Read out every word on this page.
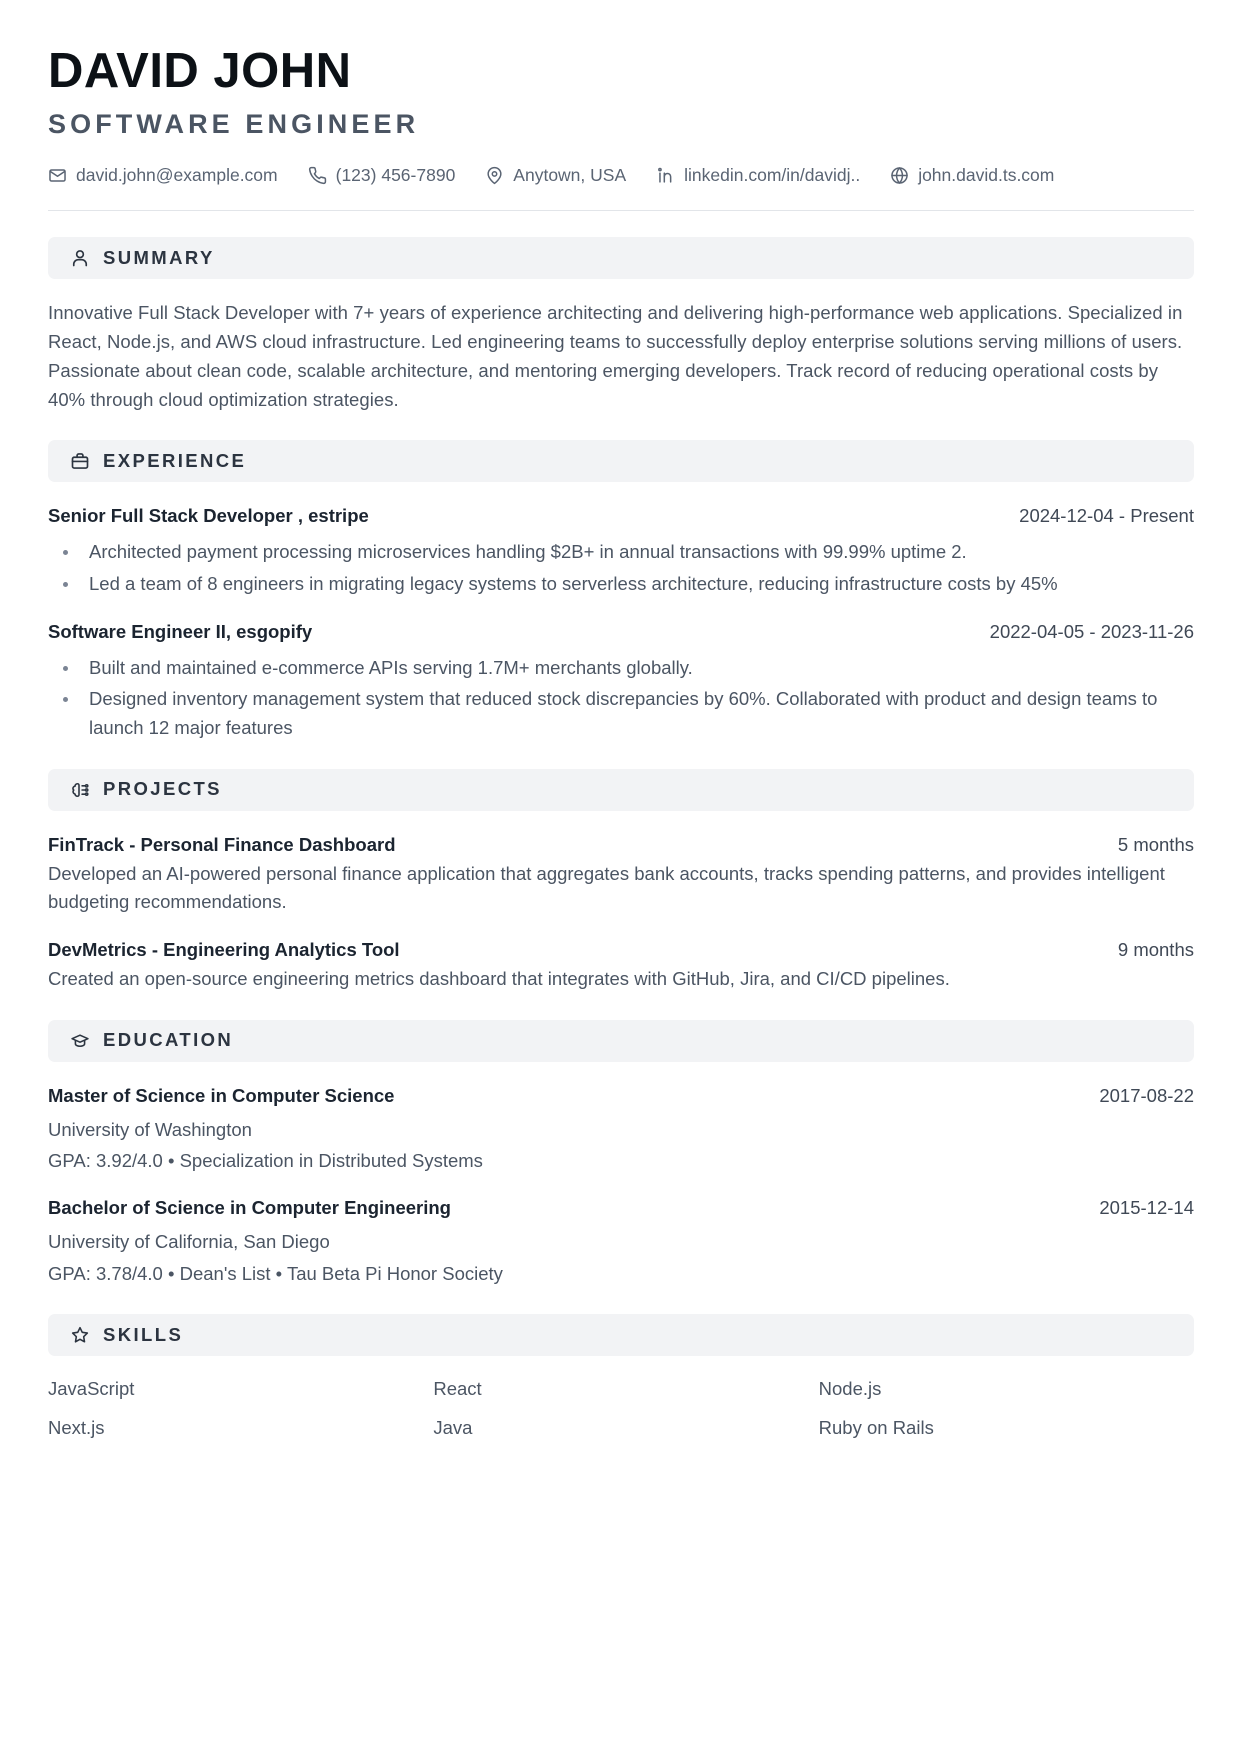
DAVID JOHN
SOFTWARE ENGINEER
david.john@example.com	(123) 456-7890	Anytown, USA	linkedin.com/in/davidj..	john.david.ts.com
SUMMARY

Innovative Full Stack Developer with 7+ years of experience architecting and delivering high-performance web applications. Specialized in React, Node.js, and AWS cloud infrastructure. Led engineering teams to successfully deploy enterprise solutions serving millions of users. Passionate about clean code, scalable architecture, and mentoring emerging developers. Track record of reducing operational costs by 40% through cloud optimization strategies.

EXPERIENCE
Senior Full Stack Developer , estripe	2024-12-04 - Present
Architected payment processing microservices handling $2B+ in annual transactions with 99.99% uptime 2.
Led a team of 8 engineers in migrating legacy systems to serverless architecture, reducing infrastructure costs by 45%
Software Engineer II, esgopify	2022-04-05 - 2023-11-26
Built and maintained e-commerce APIs serving 1.7M+ merchants globally.
Designed inventory management system that reduced stock discrepancies by 60%. Collaborated with product and design teams to launch 12 major features
PROJECTS
FinTrack - Personal Finance Dashboard	5 months

Developed an AI-powered personal finance application that aggregates bank accounts, tracks spending patterns, and provides intelligent budgeting recommendations.

DevMetrics - Engineering Analytics Tool	9 months

Created an open-source engineering metrics dashboard that integrates with GitHub, Jira, and CI/CD pipelines.

EDUCATION
Master of Science in Computer Science	2017-08-22
University of Washington
GPA: 3.92/4.0 • Specialization in Distributed Systems
Bachelor of Science in Computer Engineering	2015-12-14
University of California, San Diego
GPA: 3.78/4.0 • Dean's List • Tau Beta Pi Honor Society
SKILLS
JavaScript	React	Node.js
Next.js	Java	Ruby on Rails
